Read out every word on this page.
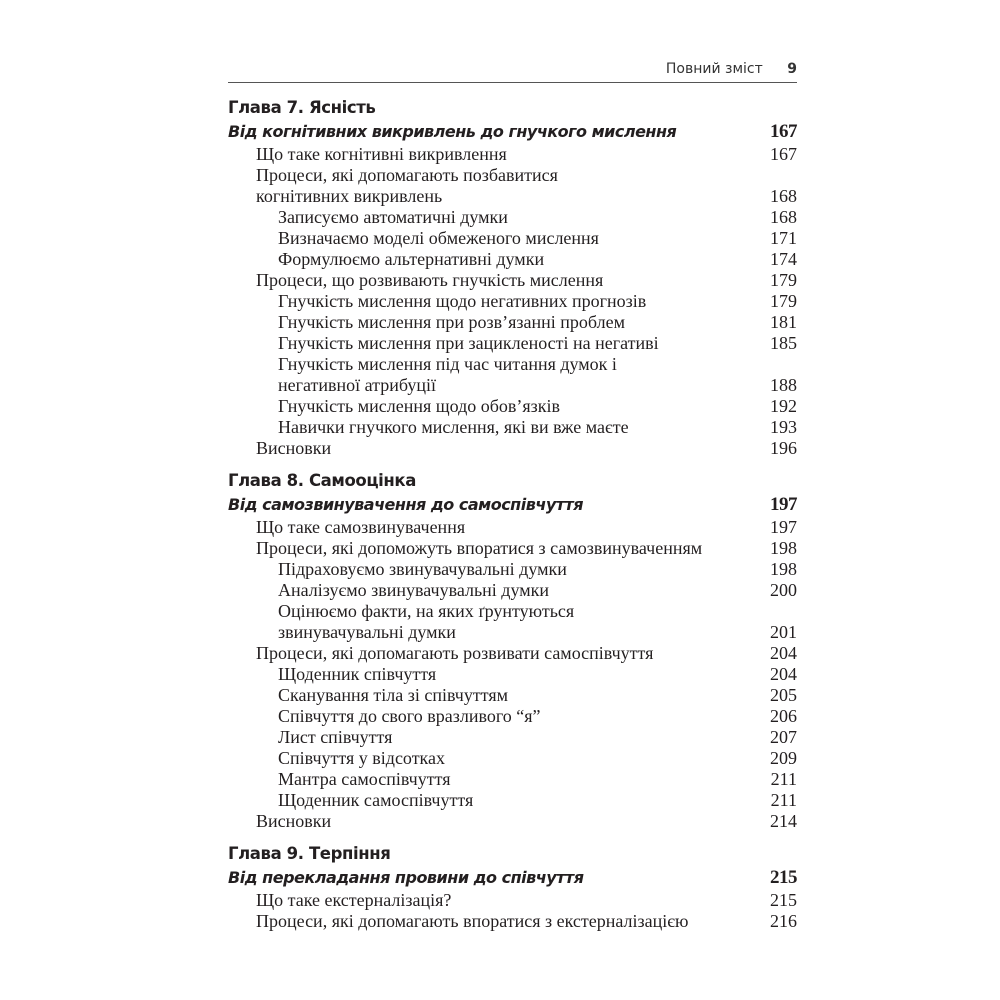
Повний зміст 9
Глава 7. Ясність
Від когнітивних викривлень до гнучкого мислення	167
Що таке когнітивні викривлення	167
Процеси, які допомагають позбавитися когнітивних викривлень	168
Записуємо автоматичні думки	168
Визначаємо моделі обмеженого мислення	171
Формулюємо альтернативні думки	174
Процеси, що розвивають гнучкість мислення	179
Гнучкість мислення щодо негативних прогнозів	179
Гнучкість мислення при розв’язанні проблем	181
Гнучкість мислення при зацикленості на негативі	185
Гнучкість мислення під час читання думок і негативної атрибуції	188
Гнучкість мислення щодо обов’язків	192
Навички гнучкого мислення, які ви вже маєте	193
Висновки	196
Глава 8. Самооцінка
Від самозвинувачення до самоспівчуття	197
Що таке самозвинувачення	197
Процеси, які допоможуть впоратися з самозвинуваченням	198
Підраховуємо звинувачувальні думки	198
Аналізуємо звинувачувальні думки	200
Оцінюємо факти, на яких ґрунтуються звинувачувальні думки	201
Процеси, які допомагають розвивати самоспівчуття	204
Щоденник співчуття	204
Сканування тіла зі співчуттям	205
Співчуття до свого вразливого “я”	206
Лист співчуття	207
Співчуття у відсотках	209
Мантра самоспівчуття	211
Щоденник самоспівчуття	211
Висновки	214
Глава 9. Терпіння
Від перекладання провини до співчуття	215
Що таке екстерналізація?	215
Процеси, які допомагають впоратися з екстерналізацією	216
